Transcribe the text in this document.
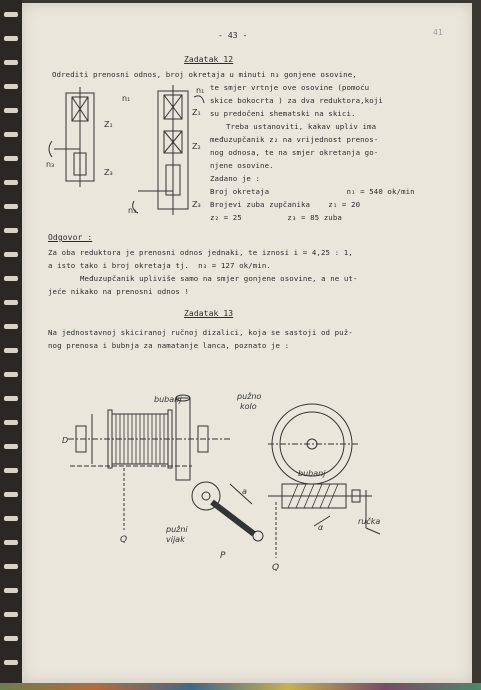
- 43 -	41
Zadatak 12
Odrediti prenosni odnos, broj okretaja u minuti n₃ gonjene osovine,
te smjer vrtnje ove osovine (pomoću
skice bokocrta ) za dva reduktora,koji
su predočeni shematski na skici.
Treba ustanoviti, kakav upliv ima
međuzupčanik z₂ na vrijednost prenos-
nog odnosa, te na smjer okretanja go-
njene osovine.
Zadano je :
Broj okretaja                 n₁ = 540 ok/min
Brojevi zuba zupčanika    z₁ = 20
z₂ = 25          z₃ = 85 zuba
n₁
Z₁
Z₃
n₃
n₁
Z₁
Z₂
n₃
Z₃
Odgovor :
Za oba reduktora je prenosni odnos jednaki, te iznosi i = 4,25 : 1,
a isto tako i broj okretaja tj.  n₃ = 127 ok/min.
Međuzupčanik upliviše samo na smjer gonjene osovine, a ne ut-
jeće nikako na prenosni odnos !
Zadatak 13
Na jednostavnoj skiciranoj ručnoj dizalici, koja se sastoji od puž-
nog prenosa i bubnja za namatanje lanca, poznato je :
bubanj	pužno
kolo
D
Q
pužni
vijak
P
a
bubanj
ručka
Q
α
